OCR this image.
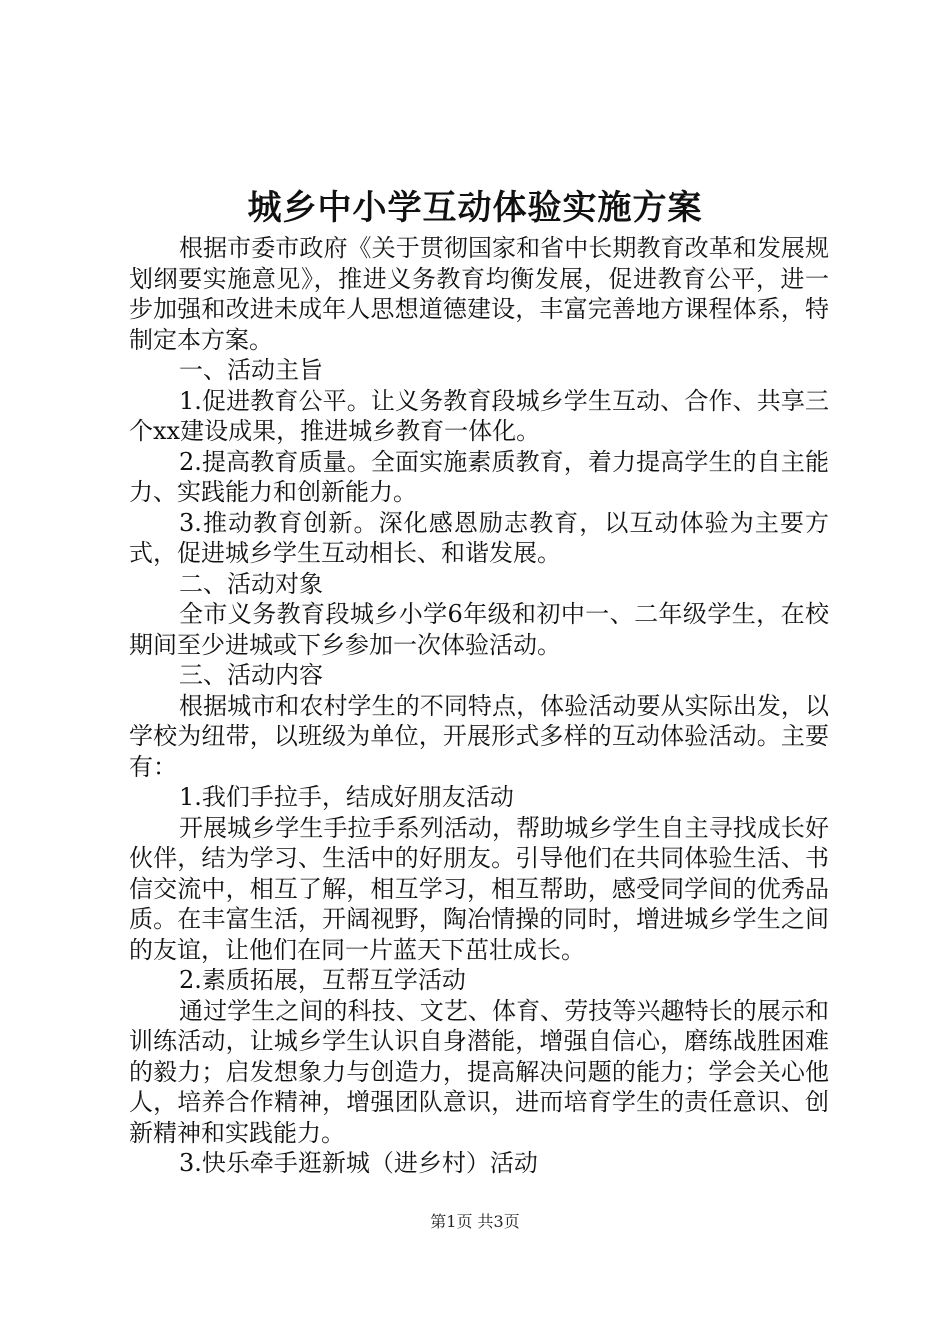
城乡中小学互动体验实施方案

根据市委市政府《关于贯彻国家和省中长期教育改革和发展规划纲要实施意见》，推进义务教育均衡发展，促进教育公平，进一步加强和改进未成年人思想道德建设，丰富完善地方课程体系，特制定本方案。

一、活动主旨

1.促进教育公平。让义务教育段城乡学生互动、合作、共享三个xx建设成果，推进城乡教育一体化。

2.提高教育质量。全面实施素质教育，着力提高学生的自主能力、实践能力和创新能力。

3.推动教育创新。深化感恩励志教育，以互动体验为主要方式，促进城乡学生互动相长、和谐发展。

二、活动对象

全市义务教育段城乡小学6年级和初中一、二年级学生，在校期间至少进城或下乡参加一次体验活动。

三、活动内容

根据城市和农村学生的不同特点，体验活动要从实际出发，以学校为纽带，以班级为单位，开展形式多样的互动体验活动。主要有：

1.我们手拉手，结成好朋友活动

开展城乡学生手拉手系列活动，帮助城乡学生自主寻找成长好伙伴，结为学习、生活中的好朋友。引导他们在共同体验生活、书信交流中，相互了解，相互学习，相互帮助，感受同学间的优秀品质。在丰富生活，开阔视野，陶冶情操的同时，增进城乡学生之间的友谊，让他们在同一片蓝天下茁壮成长。

2.素质拓展，互帮互学活动

通过学生之间的科技、文艺、体育、劳技等兴趣特长的展示和训练活动，让城乡学生认识自身潜能，增强自信心，磨练战胜困难的毅力；启发想象力与创造力，提高解决问题的能力；学会关心他人，培养合作精神，增强团队意识，进而培育学生的责任意识、创新精神和实践能力。

3.快乐牵手逛新城（进乡村）活动

第1页 共3页
